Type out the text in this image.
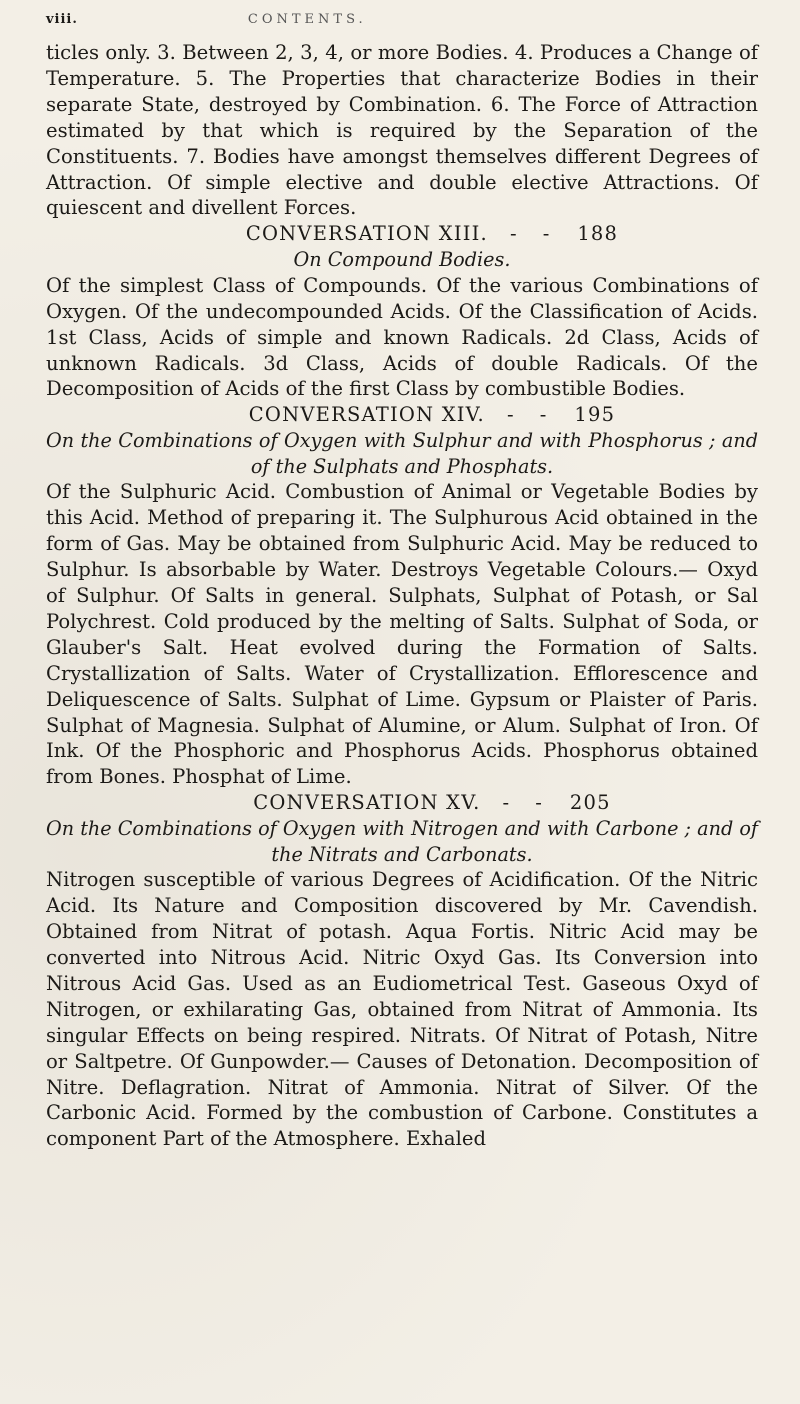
viii.	CONTENTS.

ticles only. 3. Between 2, 3, 4, or more Bodies. 4. Produces a Change of Temperature. 5. The Properties that characterize Bodies in their separate State, destroyed by Combination. 6. The Force of Attraction estimated by that which is required by the Separation of the Constituents. 7. Bodies have amongst themselves different Degrees of Attraction. Of simple elective and double elective Attractions. Of quiescent and divellent Forces.

CONVERSATION XIII. - - 188

On Compound Bodies.

Of the simplest Class of Compounds. Of the various Combinations of Oxygen. Of the undecompounded Acids. Of the Classification of Acids. 1st Class, Acids of simple and known Radicals. 2d Class, Acids of unknown Radicals. 3d Class, Acids of double Radicals. Of the Decomposition of Acids of the first Class by combustible Bodies.

CONVERSATION XIV. - - 195

On the Combinations of Oxygen with Sulphur and with Phosphorus ; and of the Sulphats and Phosphats.

Of the Sulphuric Acid. Combustion of Animal or Vegetable Bodies by this Acid. Method of preparing it. The Sulphurous Acid obtained in the form of Gas. May be obtained from Sulphuric Acid. May be reduced to Sulphur. Is absorbable by Water. Destroys Vegetable Colours.— Oxyd of Sulphur. Of Salts in general. Sulphats, Sulphat of Potash, or Sal Polychrest. Cold produced by the melting of Salts. Sulphat of Soda, or Glauber's Salt. Heat evolved during the Formation of Salts. Crystallization of Salts. Water of Crystallization. Efflorescence and Deliquescence of Salts. Sulphat of Lime. Gypsum or Plaister of Paris. Sulphat of Magnesia. Sulphat of Alumine, or Alum. Sulphat of Iron. Of Ink. Of the Phosphoric and Phosphorus Acids. Phosphorus obtained from Bones. Phosphat of Lime.

CONVERSATION XV. - - 205

On the Combinations of Oxygen with Nitrogen and with Carbone ; and of the Nitrats and Carbonats.

Nitrogen susceptible of various Degrees of Acidification. Of the Nitric Acid. Its Nature and Composition discovered by Mr. Cavendish. Obtained from Nitrat of potash. Aqua Fortis. Nitric Acid may be converted into Nitrous Acid. Nitric Oxyd Gas. Its Conversion into Nitrous Acid Gas. Used as an Eudiometrical Test. Gaseous Oxyd of Nitrogen, or exhilarating Gas, obtained from Nitrat of Ammonia. Its singular Effects on being respired. Nitrats. Of Nitrat of Potash, Nitre or Saltpetre. Of Gunpowder.— Causes of Detonation. Decomposition of Nitre. Deflagration. Nitrat of Ammonia. Nitrat of Silver. Of the Carbonic Acid. Formed by the combustion of Carbone. Constitutes a component Part of the Atmosphere. Exhaled
